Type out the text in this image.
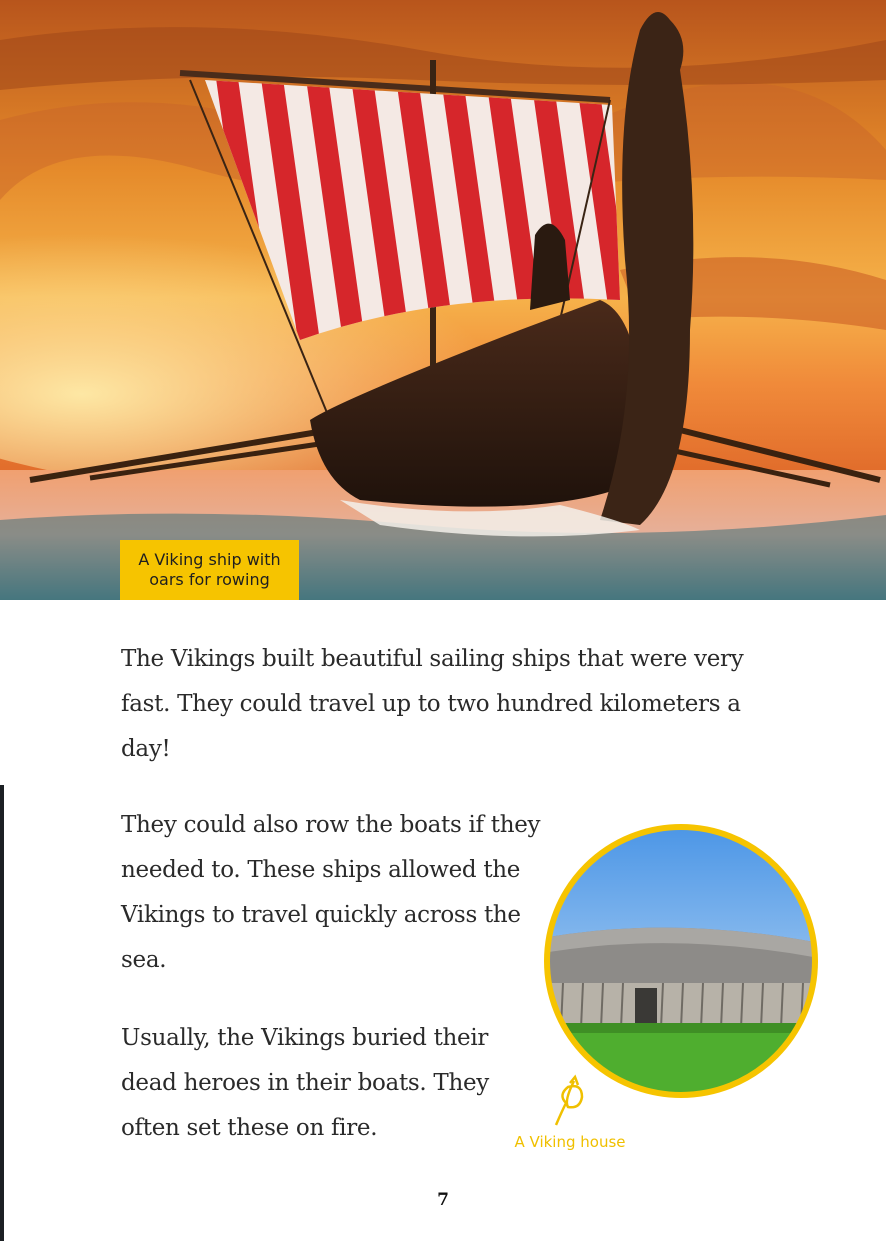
A Viking ship with
oars for rowing

The Vikings built beautiful sailing ships that were very fast. They could travel up to two hundred kilometers a day!

They could also row the boats if they needed to. These ships allowed the Vikings to travel quickly across the sea.

Usually, the Vikings buried their dead heroes in their boats. They often set these on fire.

A Viking house
7
